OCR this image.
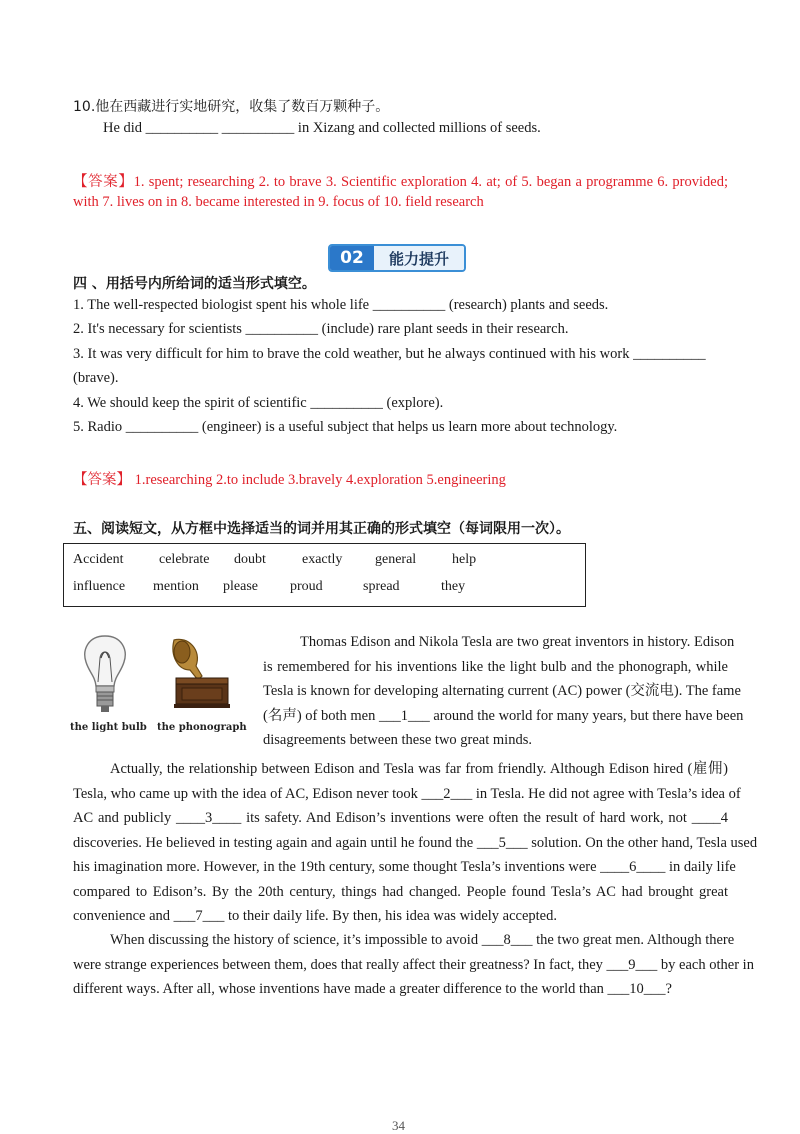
10.他在西藏进行实地研究，收集了数百万颗种子。
He did __________ __________ in Xizang and collected millions of seeds.
【答案】1. spent; researching 2. to brave 3. Scientific exploration 4. at; of 5. began a programme 6. provided;
with 7. lives on in 8. became interested in 9. focus of 10. field research
02	能力提升
四 、用括号内所给词的适当形式填空。
1. The well-respected biologist spent his whole life __________ (research) plants and seeds.
2. It's necessary for scientists __________ (include) rare plant seeds in their research.
3. It was very difficult for him to brave the cold weather, but he always continued with his work __________
(brave).
4. We should keep the spirit of scientific __________ (explore).
5. Radio __________ (engineer) is a useful subject that helps us learn more about technology.
【答案】 1.researching 2.to include 3.bravely 4.exploration 5.engineering
五、阅读短文，从方框中选择适当的词并用其正确的形式填空（每词限用一次）。
Accident	celebrate doubt	exactly general	help
influence mention please proud	spread	they
the light bulb the phonograph
Thomas Edison and Nikola Tesla are two great inventors in history. Edison
is remembered for his inventions like the light bulb and the phonograph, while
Tesla is known for developing alternating current (AC) power (交流电). The fame
(名声) of both men ___1___ around the world for many years, but there have been
disagreements between these two great minds.
Actually, the relationship between Edison and Tesla was far from friendly. Although Edison hired (雇佣)
Tesla, who came up with the idea of AC, Edison never took ___2___ in Tesla. He did not agree with Tesla’s idea of
AC and publicly ____3____ its safety. And Edison’s inventions were often the result of hard work, not ____4
discoveries. He believed in testing again and again until he found the ___5___ solution. On the other hand, Tesla used
his imagination more. However, in the 19th century, some thought Tesla’s inventions were ____6____ in daily life
compared to Edison’s. By the 20th century, things had changed. People found Tesla’s AC had brought great
convenience and ___7___ to their daily life. By then, his idea was widely accepted.
When discussing the history of science, it’s impossible to avoid ___8___ the two great men. Although there
were strange experiences between them, does that really affect their greatness? In fact, they ___9___ by each other in
different ways. After all, whose inventions have made a greater difference to the world than ___10___?
34
